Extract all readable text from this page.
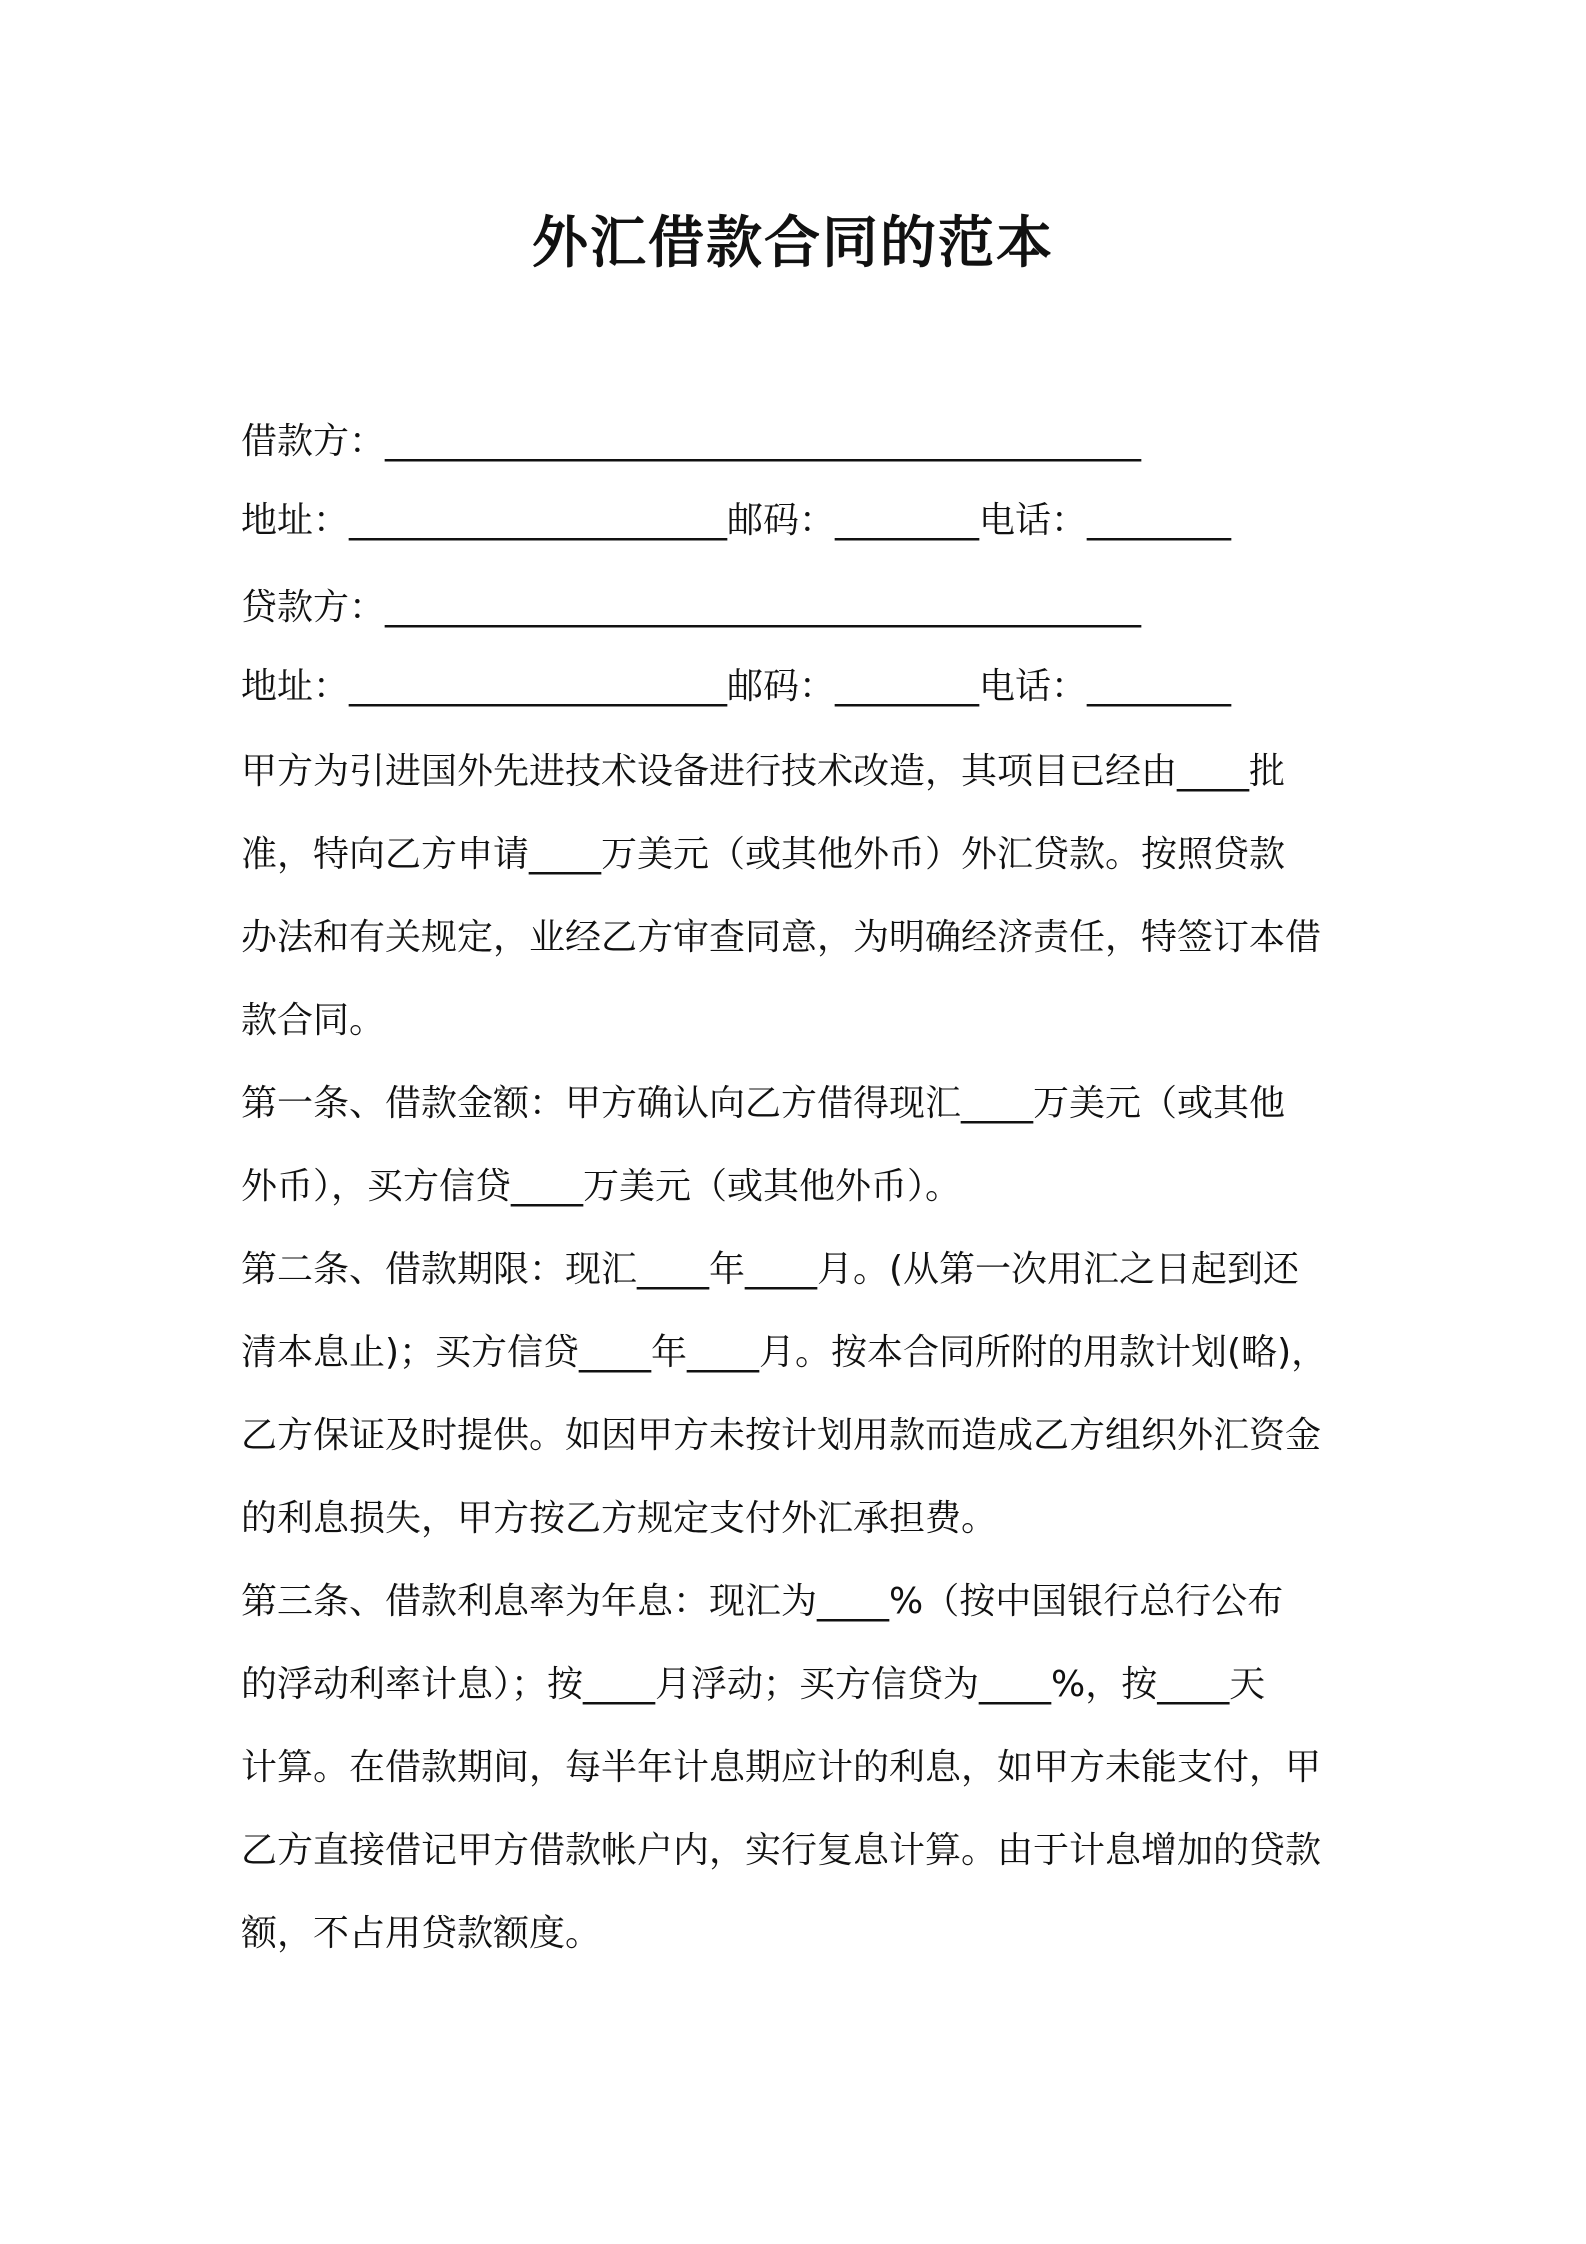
外汇借款合同的范本

借款方：__________________________________________

地址：_____________________邮码：________电话：________

贷款方：__________________________________________

地址：_____________________邮码：________电话：________

甲方为引进国外先进技术设备进行技术改造，其项目已经由____批

准，特向乙方申请____万美元（或其他外币）外汇贷款。按照贷款

办法和有关规定，业经乙方审查同意，为明确经济责任，特签订本借

款合同。

第一条、借款金额：甲方确认向乙方借得现汇____万美元（或其他

外币），买方信贷____万美元（或其他外币）。

第二条、借款期限：现汇____年____月。(从第一次用汇之日起到还

清本息止)；买方信贷____年____月。按本合同所附的用款计划(略)，

乙方保证及时提供。如因甲方未按计划用款而造成乙方组织外汇资金

的利息损失，甲方按乙方规定支付外汇承担费。

第三条、借款利息率为年息：现汇为____%（按中国银行总行公布

的浮动利率计息）；按____月浮动；买方信贷为____%，按____天

计算。在借款期间，每半年计息期应计的利息，如甲方未能支付，甲

乙方直接借记甲方借款帐户内，实行复息计算。由于计息增加的贷款

额，不占用贷款额度。
